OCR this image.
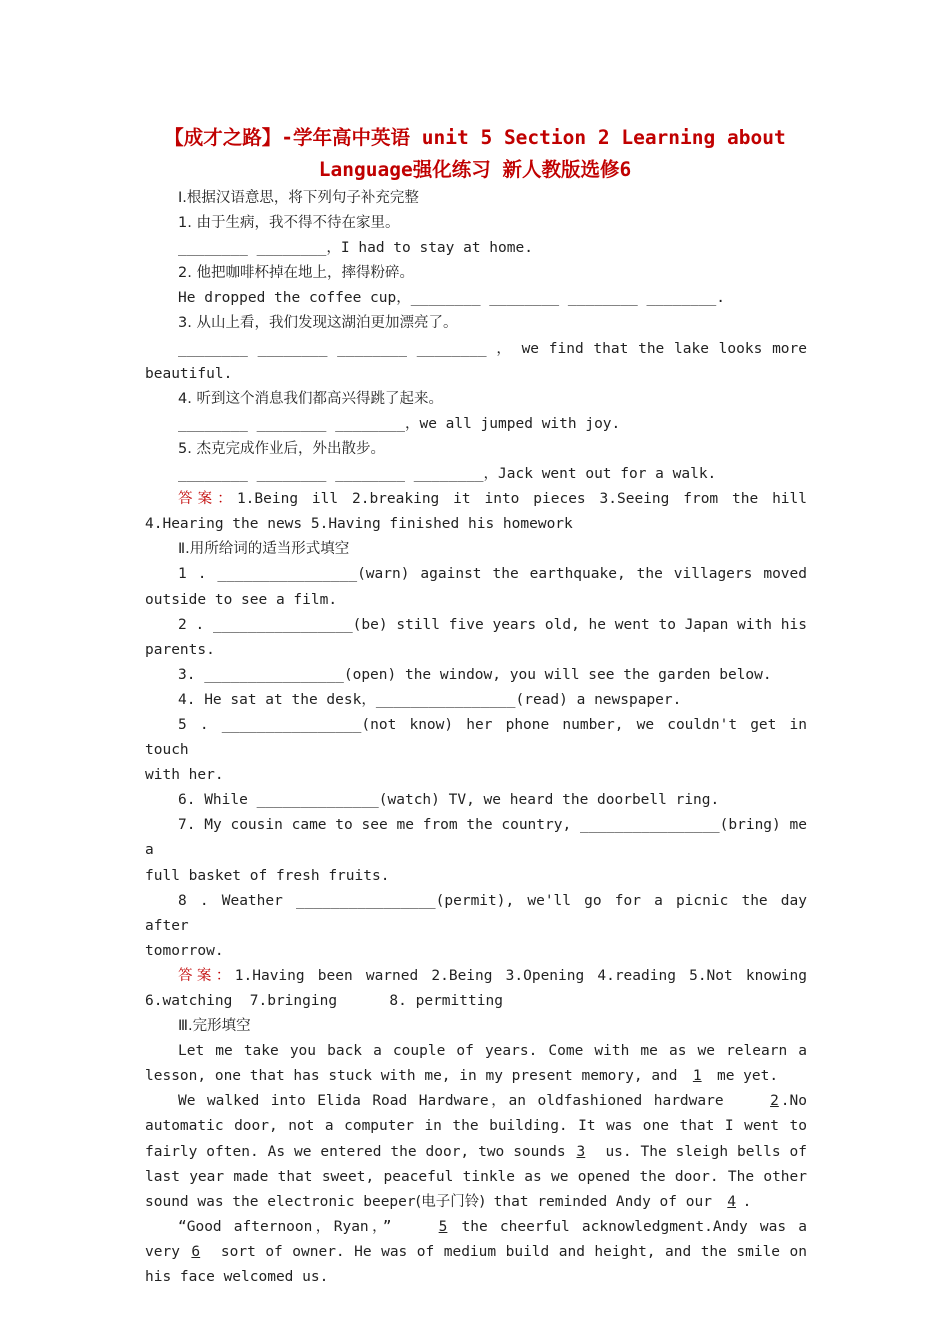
【成才之路】-学年高中英语 unit 5 Section 2 Learning about
Language强化练习 新人教版选修6

Ⅰ.根据汉语意思，将下列句子补充完整

1. 由于生病，我不得不待在家里。

________ ________，I had to stay at home.

2. 他把咖啡杯掉在地上，摔得粉碎。

He dropped the coffee cup，________ ________ ________ ________.

3. 从山上看，我们发现这湖泊更加漂亮了。

________ ________ ________ ________ ， we find that the lake looks more

beautiful.

4. 听到这个消息我们都高兴得跳了起来。

________ ________ ________，we all jumped with joy.

5. 杰克完成作业后，外出散步。

________ ________ ________ ________，Jack went out for a walk.

答案：1.Being ill 2.breaking it into pieces 3.Seeing from the hill

4.Hearing the news 5.Having finished his homework

Ⅱ.用所给词的适当形式填空

1 . ________________(warn) against the earthquake, the villagers moved

outside to see a film.

2 . ________________(be) still five years old, he went to Japan with his

parents.

3. ________________(open) the window, you will see the garden below.

4. He sat at the desk，________________(read) a newspaper.

5 . ________________(not know) her phone number, we couldn't get in touch

with her.

6. While ______________(watch) TV, we heard the doorbell ring.

7. My cousin came to see me from the country, ________________(bring) me a

full basket of fresh fruits.

8 . Weather ________________(permit), we'll go for a picnic the day after

tomorrow.

答案：1.Having been warned 2.Being 3.Opening 4.reading 5.Not knowing

6.watching  7.bringing      8. permitting

Ⅲ.完形填空

Let me take you back a couple of years. Come with me as we relearn a

lesson, one that has stuck with me, in my present memory, and 1 me yet.

We walked into Elida Road Hardware，an oldfashioned hardware 2 .No

automatic door, not a computer in the building. It was one that I went to

fairly often. As we entered the door, two sounds 3 us. The sleigh bells of

last year made that sweet, peaceful tinkle as we opened the door. The other

sound was the electronic beeper(电子门铃) that reminded Andy of our 4 .

“Good afternoon，Ryan，” 5 the cheerful acknowledgment.Andy was a

very 6 sort of owner. He was of medium build and height, and the smile on

his face welcomed us.
